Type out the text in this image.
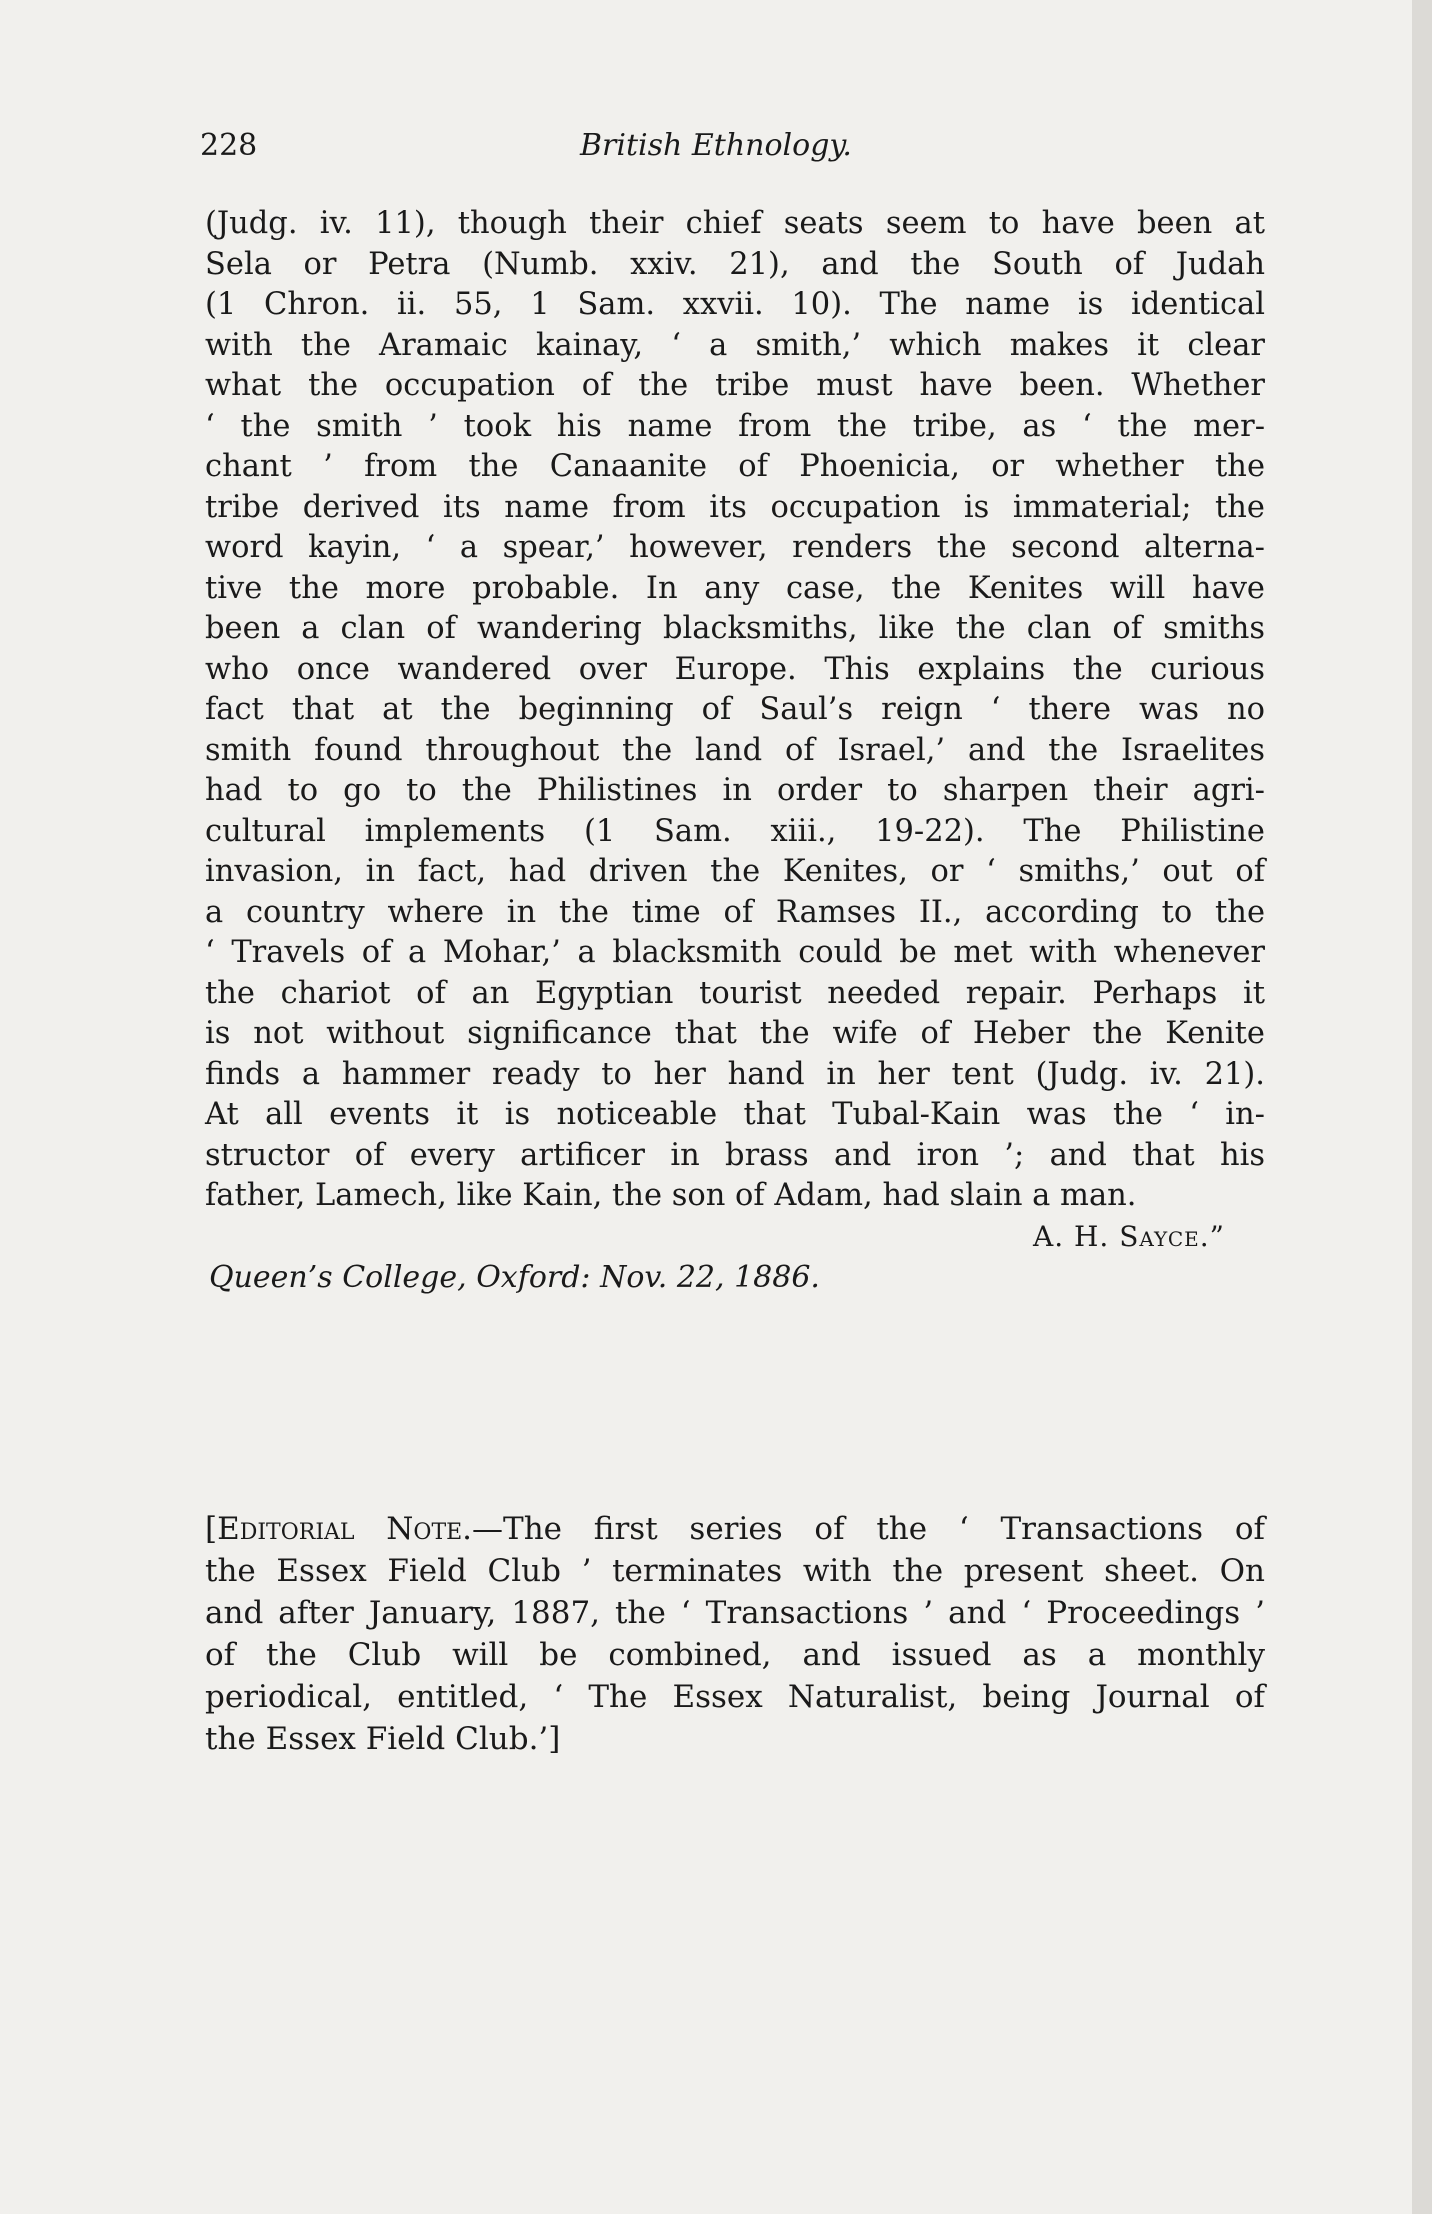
228	British Ethnology.
(Judg. iv. 11), though their chief seats seem to have been at
Sela or Petra (Numb. xxiv. 21), and the South of Judah
(1 Chron. ii. 55, 1 Sam. xxvii. 10). The name is identical
with the Aramaic kainay, ‘ a smith,’ which makes it clear
what the occupation of the tribe must have been. Whether
‘ the smith ’ took his name from the tribe, as ‘ the mer-
chant ’ from the Canaanite of Phoenicia, or whether the
tribe derived its name from its occupation is immaterial; the
word kayin, ‘ a spear,’ however, renders the second alterna-
tive the more probable. In any case, the Kenites will have
been a clan of wandering blacksmiths, like the clan of smiths
who once wandered over Europe. This explains the curious
fact that at the beginning of Saul’s reign ‘ there was no
smith found throughout the land of Israel,’ and the Israelites
had to go to the Philistines in order to sharpen their agri-
cultural implements (1 Sam. xiii., 19-22). The Philistine
invasion, in fact, had driven the Kenites, or ‘ smiths,’ out of
a country where in the time of Ramses II., according to the
‘ Travels of a Mohar,’ a blacksmith could be met with whenever
the chariot of an Egyptian tourist needed repair. Perhaps it
is not without significance that the wife of Heber the Kenite
finds a hammer ready to her hand in her tent (Judg. iv. 21).
At all events it is noticeable that Tubal-Kain was the ‘ in-
structor of every artificer in brass and iron ’; and that his
father, Lamech, like Kain, the son of Adam, had slain a man.
A. H. Sayce.”
Queen’s College, Oxford: Nov. 22, 1886.
[Editorial Note.—The first series of the ‘ Transactions of
the Essex Field Club ’ terminates with the present sheet. On
and after January, 1887, the ‘ Transactions ’ and ‘ Proceedings ’
of the Club will be combined, and issued as a monthly
periodical, entitled, ‘ The Essex Naturalist, being Journal of
the Essex Field Club.’]
